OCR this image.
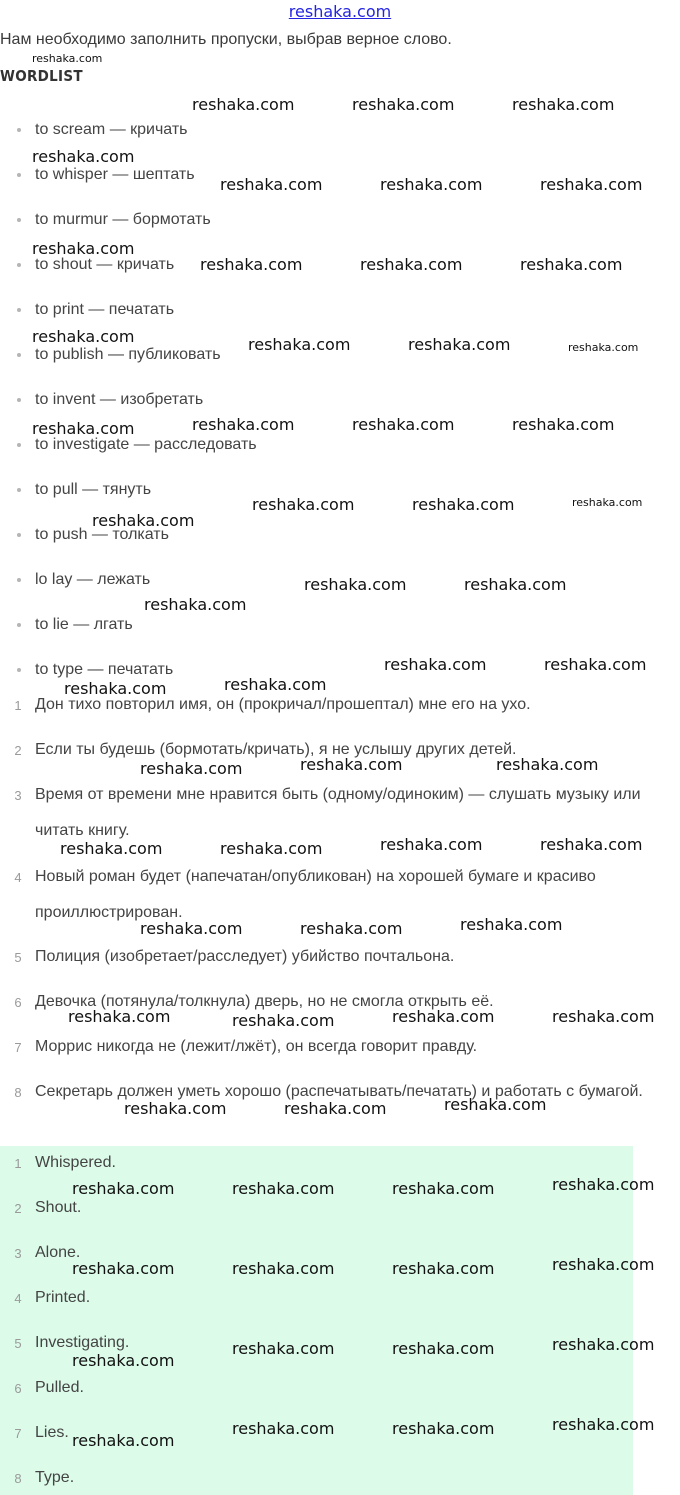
reshaka.com
Нам необходимо заполнить пропуски, выбрав верное слово.
WORDLIST
to scream — кричать
to whisper — шептать
to murmur — бормотать
to shout — кричать
to print — печатать
to publish — публиковать
to invent — изобретать
to investigate — расследовать
to pull — тянуть
to push — толкать
lo lay — лежать
to lie — лгать
to type — печатать
1 Дон тихо повторил имя, он (прокричал/прошептал) мне его на ухо.
2 Если ты будешь (бормотать/кричать), я не услышу других детей.
3 Время от времени мне нравится быть (одному/одиноким) — слушать музыку или читать книгу.
4 Новый роман будет (напечатан/опубликован) на хорошей бумаге и красиво проиллюстрирован.
5 Полиция (изобретает/расследует) убийство почтальона.
6 Девочка (потянула/толкнула) дверь, но не смогла открыть её.
7 Моррис никогда не (лежит/лжёт), он всегда говорит правду.
8 Секретарь должен уметь хорошо (распечатывать/печатать) и работать с бумагой.
1 Whispered.
2 Shout.
3 Alone.
4 Printed.
5 Investigating.
6 Pulled.
7 Lies.
8 Type.
reshaka.com
reshaka.com	reshaka.com	reshaka.com
reshaka.com
reshaka.com	reshaka.com	reshaka.com
reshaka.com
reshaka.com	reshaka.com	reshaka.com
reshaka.com	reshaka.com	reshaka.com	reshaka.com
reshaka.com	reshaka.com	reshaka.com	reshaka.com
reshaka.com	reshaka.com	reshaka.com
reshaka.com
reshaka.com	reshaka.com
reshaka.com
reshaka.com	reshaka.com
reshaka.com	reshaka.com
reshaka.com	reshaka.com	reshaka.com
reshaka.com	reshaka.com	reshaka.com	reshaka.com
reshaka.com	reshaka.com	reshaka.com
reshaka.com	reshaka.com	reshaka.com	reshaka.com
reshaka.com	reshaka.com	reshaka.com
reshaka.com	reshaka.com	reshaka.com	reshaka.com
reshaka.com	reshaka.com	reshaka.com	reshaka.com
reshaka.com
reshaka.com	reshaka.com	reshaka.com
reshaka.com
reshaka.com	reshaka.com	reshaka.com
